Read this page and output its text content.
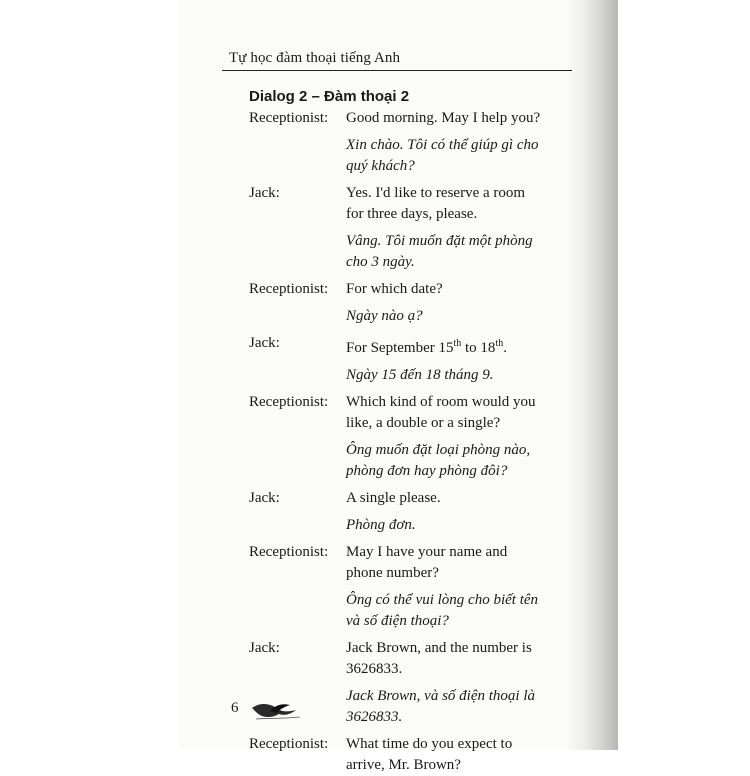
Tự học đàm thoại tiếng Anh
Dialog 2 – Đàm thoại 2
Receptionist:	Good morning. May I help you?

Xin chào. Tôi có thể giúp gì cho

quý khách?

Jack:	Yes. I'd like to reserve a room

for three days, please.

Vâng. Tôi muốn đặt một phòng

cho 3 ngày.

Receptionist:	For which date?

Ngày nào ạ?

Jack:	For September 15th to 18th.

Ngày 15 đến 18 tháng 9.

Receptionist:	Which kind of room would you

like, a double or a single?

Ông muốn đặt loại phòng nào,

phòng đơn hay phòng đôi?

Jack:	A single please.

Phòng đơn.

Receptionist:	May I have your name and

phone number?

Ông có thể vui lòng cho biết tên

và số điện thoại?

Jack:	Jack Brown, and the number is

3626833.

Jack Brown, và số điện thoại là

3626833.

Receptionist:	What time do you expect to

arrive, Mr. Brown?

6
